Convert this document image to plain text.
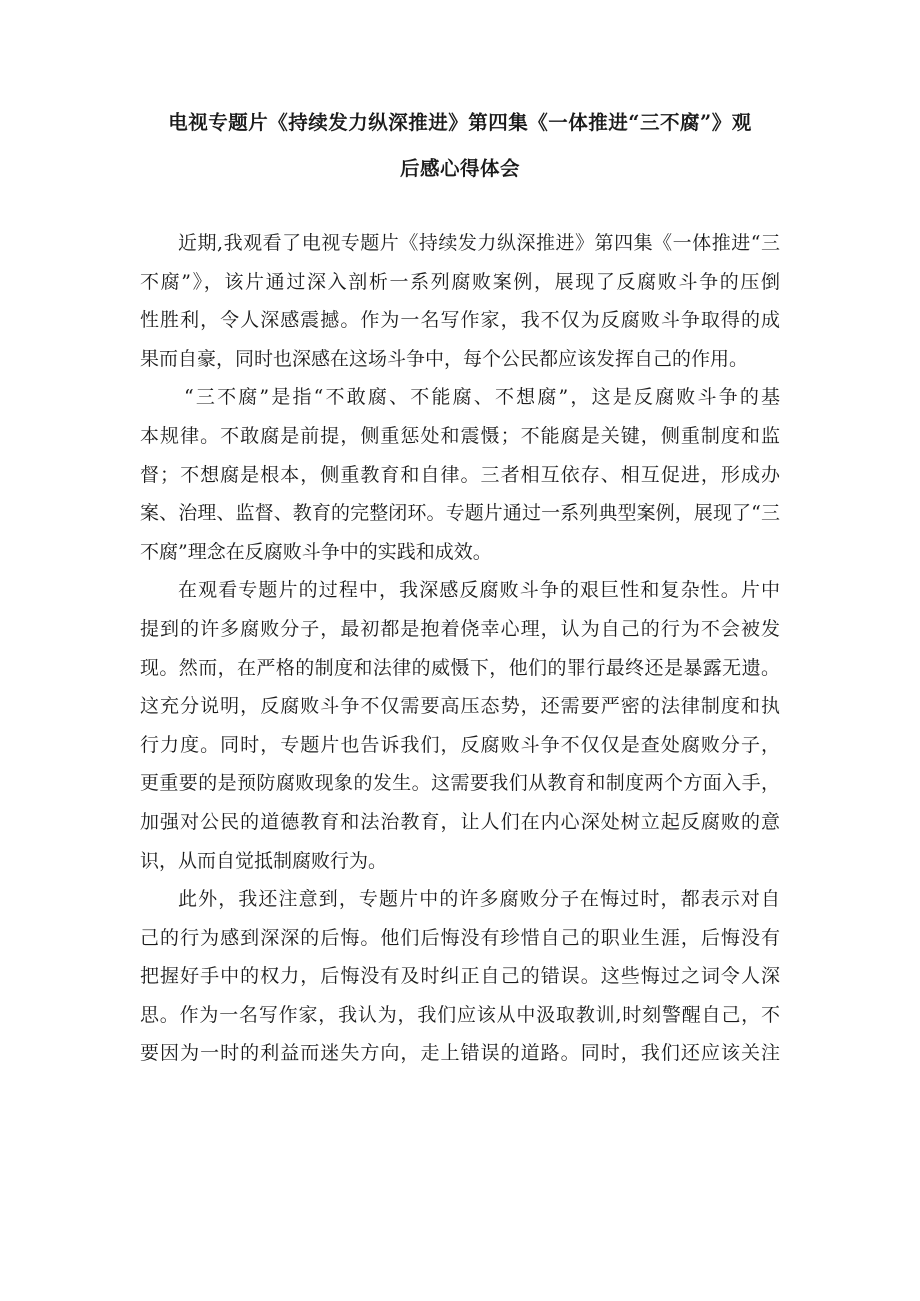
电视专题片《持续发力纵深推进》第四集《一体推进“三不腐”》观
后感心得体会
近期,我观看了电视专题片《持续发力纵深推进》第四集《一体推进“三
不腐”》，该片通过深入剖析一系列腐败案例，展现了反腐败斗争的压倒
性胜利，令人深感震撼。作为一名写作家，我不仅为反腐败斗争取得的成
果而自豪，同时也深感在这场斗争中，每个公民都应该发挥自己的作用。
“三不腐”是指“不敢腐、不能腐、不想腐”，这是反腐败斗争的基
本规律。不敢腐是前提，侧重惩处和震慑；不能腐是关键，侧重制度和监
督；不想腐是根本，侧重教育和自律。三者相互依存、相互促进，形成办
案、治理、监督、教育的完整闭环。专题片通过一系列典型案例，展现了“三
不腐”理念在反腐败斗争中的实践和成效。
在观看专题片的过程中，我深感反腐败斗争的艰巨性和复杂性。片中
提到的许多腐败分子，最初都是抱着侥幸心理，认为自己的行为不会被发
现。然而，在严格的制度和法律的威慑下，他们的罪行最终还是暴露无遗。
这充分说明，反腐败斗争不仅需要高压态势，还需要严密的法律制度和执
行力度。同时，专题片也告诉我们，反腐败斗争不仅仅是查处腐败分子，
更重要的是预防腐败现象的发生。这需要我们从教育和制度两个方面入手，
加强对公民的道德教育和法治教育，让人们在内心深处树立起反腐败的意
识，从而自觉抵制腐败行为。
此外，我还注意到，专题片中的许多腐败分子在悔过时，都表示对自
己的行为感到深深的后悔。他们后悔没有珍惜自己的职业生涯，后悔没有
把握好手中的权力，后悔没有及时纠正自己的错误。这些悔过之词令人深
思。作为一名写作家，我认为，我们应该从中汲取教训,时刻警醒自己，不
要因为一时的利益而迷失方向，走上错误的道路。同时，我们还应该关注
